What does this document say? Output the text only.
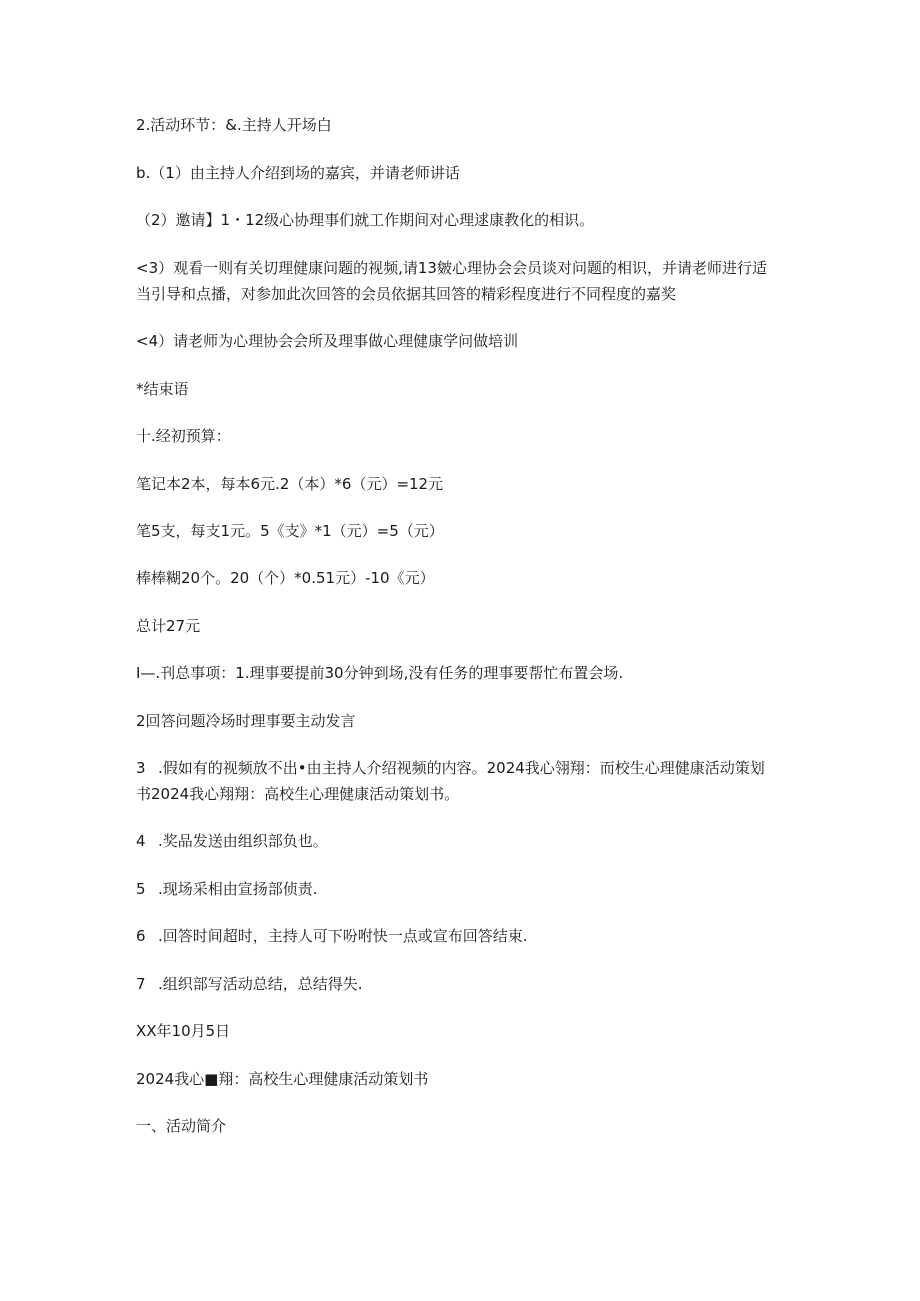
2.活动环节：&.主持人开场白
b.（1）由主持人介绍到场的嘉宾，并请老师讲话
（2）邀请】1・12级心协理事们就工作期间对心理逑康教化的相识。
<3）观看一则有关切理健康问题的视频,请13皴心理协会会员谈对问题的相识，并请老师进行适
当引导和点播，对参加此次回答的会员依据其回答的精彩程度进行不同程度的嘉奖
<4）请老师为心理协会会所及理事做心理健康学问做培训
*结束语
十.经初预算：
笔记本2本，每本6元.2（本）*6（元）=12元
笔5支，每支1元。5《支》*1（元）=5（元）
棒棒糊20个。20（个）*0.51元）-10《元）
总计27元
I—.刊总事项：1.理事要提前30分钟到场,没有任务的理事要帮忙布置会场.
2回答问题冷场时理事要主动发言
3 .假如有的视频放不出•由主持人介绍视频的内容。2024我心翎翔：而校生心理健康活动策划
书2024我心翔翔：高校生心理健康活动策划书。
4 .奖品发送由组织部负也。
5 .现场采相由宣扬部侦责.
6 .回答时间超时，主持人可下吩咐快一点或宣布回答结束.
7 .组织部写活动总结，总结得失.
XX年10月5日
2024我心■翔：高校生心理健康活动策划书
一、活动简介
